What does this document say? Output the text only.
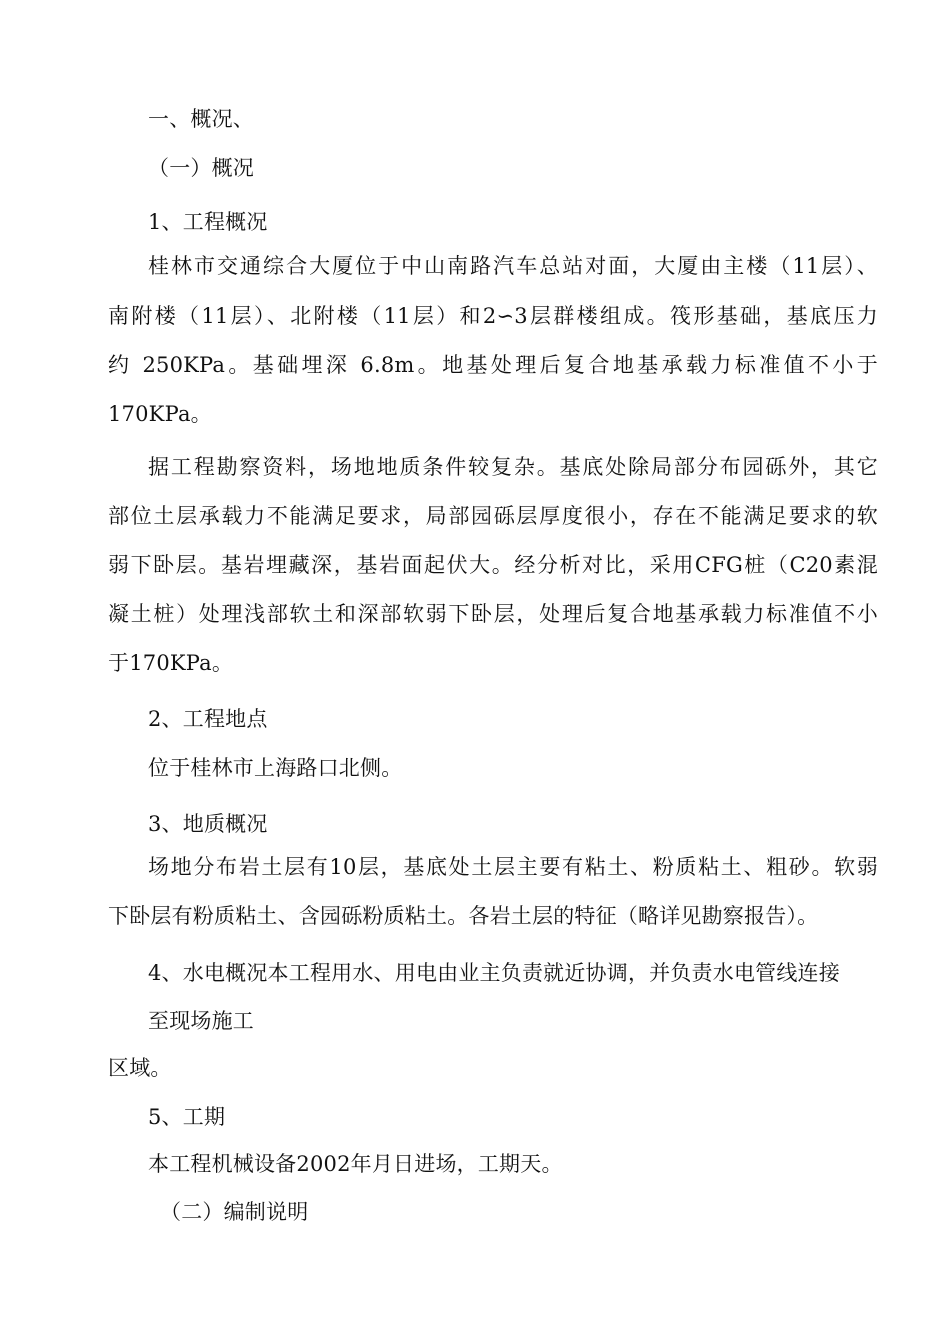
一、概况、
（一）概况
1、工程概况
桂林市交通综合大厦位于中山南路汽车总站对面，大厦由主楼（11层）、
南附楼（11层）、北附楼（11层）和2∽3层群楼组成。筏形基础，基底压力
约 250KPa。基础埋深 6.8m。地基处理后复合地基承载力标准值不小于
170KPa。
据工程勘察资料，场地地质条件较复杂。基底处除局部分布园砾外，其它
部位土层承载力不能满足要求，局部园砾层厚度很小，存在不能满足要求的软
弱下卧层。基岩埋藏深，基岩面起伏大。经分析对比，采用CFG桩（C20素混
凝土桩）处理浅部软土和深部软弱下卧层，处理后复合地基承载力标准值不小
于170KPa。
2、工程地点
位于桂林市上海路口北侧。
3、地质概况
场地分布岩土层有10层，基底处土层主要有粘土、粉质粘土、粗砂。软弱
下卧层有粉质粘土、含园砾粉质粘土。各岩土层的特征（略详见勘察报告）。
4、水电概况本工程用水、用电由业主负责就近协调，并负责水电管线连接
至现场施工
区域。
5、工期
本工程机械设备2002年月日进场，工期天。
（二）编制说明
